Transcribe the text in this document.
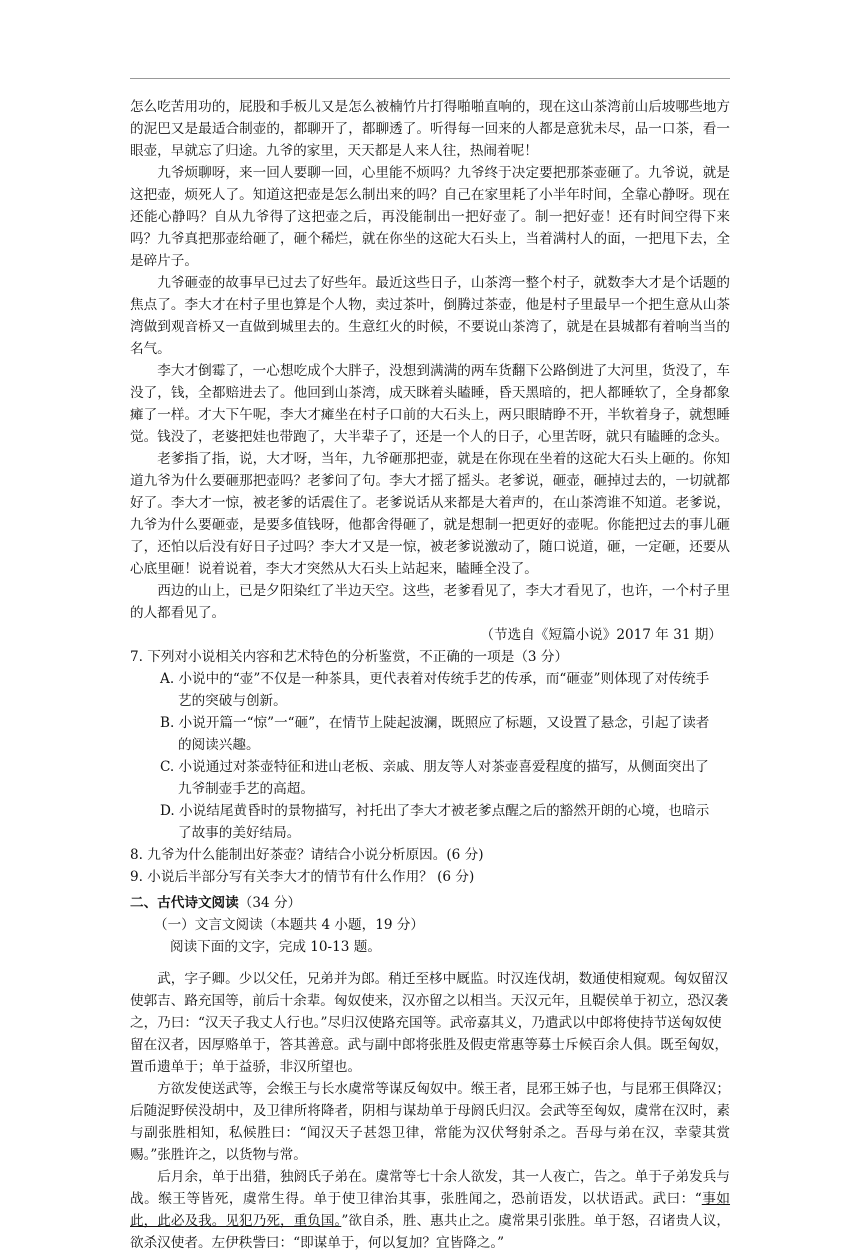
怎么吃苦用功的，屁股和手板儿又是怎么被楠竹片打得啪啪直响的，现在这山茶湾前山后坡哪些地方的泥巴又是最适合制壶的，都聊开了，都聊透了。听得每一回来的人都是意犹未尽，品一口茶，看一眼壶，早就忘了归途。九爷的家里，天天都是人来人往，热闹着呢！

九爷烦聊呀，来一回人要聊一回，心里能不烦吗？九爷终于决定要把那茶壶砸了。九爷说，就是这把壶，烦死人了。知道这把壶是怎么制出来的吗？自己在家里耗了小半年时间，全靠心静呀。现在还能心静吗？自从九爷得了这把壶之后，再没能制出一把好壶了。制一把好壶！还有时间空得下来吗？九爷真把那壶给砸了，砸个稀烂，就在你坐的这砣大石头上，当着满村人的面，一把甩下去，全是碎片子。

九爷砸壶的故事早已过去了好些年。最近这些日子，山茶湾一整个村子，就数李大才是个话题的焦点了。李大才在村子里也算是个人物，卖过茶叶，倒腾过茶壶，他是村子里最早一个把生意从山茶湾做到观音桥又一直做到城里去的。生意红火的时候，不要说山茶湾了，就是在县城都有着响当当的名气。

李大才倒霉了，一心想吃成个大胖子，没想到满满的两车货翻下公路倒进了大河里，货没了，车没了，钱，全都赔进去了。他回到山茶湾，成天眯着头瞌睡，昏天黑暗的，把人都睡软了，全身都象瘫了一样。才大下午呢，李大才瘫坐在村子口前的大石头上，两只眼睛睁不开，半软着身子，就想睡觉。钱没了，老婆把娃也带跑了，大半辈子了，还是一个人的日子，心里苦呀，就只有瞌睡的念头。

老爹指了指，说，大才呀，当年，九爷砸那把壶，就是在你现在坐着的这砣大石头上砸的。你知道九爷为什么要砸那把壶吗？老爹问了句。李大才摇了摇头。老爹说，砸壶，砸掉过去的，一切就都好了。李大才一惊，被老爹的话震住了。老爹说话从来都是大着声的，在山茶湾谁不知道。老爹说，九爷为什么要砸壶，是要多值钱呀，他都舍得砸了，就是想制一把更好的壶呢。你能把过去的事儿砸了，还怕以后没有好日子过吗？李大才又是一惊，被老爹说激动了，随口说道，砸，一定砸，还要从心底里砸！说着说着，李大才突然从大石头上站起来，瞌睡全没了。

西边的山上，已是夕阳染红了半边天空。这些，老爹看见了，李大才看见了，也许，一个村子里的人都看见了。

（节选自《短篇小说》2017 年 31 期）

7. 下列对小说相关内容和艺术特色的分析鉴赏，不正确的一项是（3 分）

A. 小说中的“壶”不仅是一种茶具，更代表着对传统手艺的传承，而“砸壶”则体现了对传统手艺的突破与创新。

B. 小说开篇一“惊”一“砸”，在情节上陡起波澜，既照应了标题，又设置了悬念，引起了读者的阅读兴趣。

C. 小说通过对茶壶特征和进山老板、亲戚、朋友等人对茶壶喜爱程度的描写，从侧面突出了九爷制壶手艺的高超。

D. 小说结尾黄昏时的景物描写，衬托出了李大才被老爹点醒之后的豁然开朗的心境，也暗示了故事的美好结局。

8. 九爷为什么能制出好茶壶？请结合小说分析原因。(6 分)

9. 小说后半部分写有关李大才的情节有什么作用？ (6 分)

二、古代诗文阅读（34 分）

（一）文言文阅读（本题共 4 小题，19 分）

阅读下面的文字，完成 10-13 题。

武，字子卿。少以父任，兄弟并为郎。稍迁至栘中厩监。时汉连伐胡，数通使相窥观。匈奴留汉使郭吉、路充国等，前后十余辈。匈奴使来，汉亦留之以相当。天汉元年，且鞮侯单于初立，恐汉袭之，乃曰：“汉天子我丈人行也。”尽归汉使路充国等。武帝嘉其义，乃遣武以中郎将使持节送匈奴使留在汉者，因厚赂单于，答其善意。武与副中郎将张胜及假吏常惠等募士斥候百余人俱。既至匈奴，置币遗单于；单于益骄，非汉所望也。

方欲发使送武等，会缑王与长水虞常等谋反匈奴中。缑王者，昆邪王姊子也，与昆邪王俱降汉；后随浞野侯没胡中，及卫律所将降者，阴相与谋劫单于母阏氏归汉。会武等至匈奴，虞常在汉时，素与副张胜相知，私候胜曰：“闻汉天子甚怨卫律，常能为汉伏弩射杀之。吾母与弟在汉，幸蒙其赏赐。”张胜许之，以货物与常。

后月余，单于出猎，独阏氏子弟在。虞常等七十余人欲发，其一人夜亡，告之。单于子弟发兵与战。缑王等皆死，虞常生得。单于使卫律治其事，张胜闻之，恐前语发，以状语武。武曰：“事如此，此必及我。见犯乃死，重负国。”欲自杀，胜、惠共止之。虞常果引张胜。单于怒，召诸贵人议，欲杀汉使者。左伊秩訾曰：“即谋单于，何以复加？宜皆降之。”
